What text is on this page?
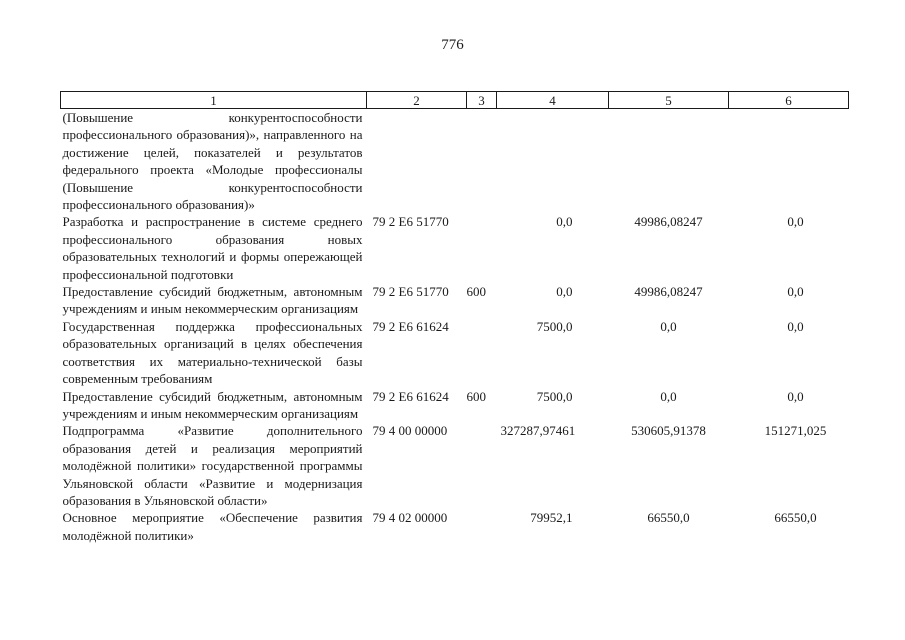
776
1	2	3	4	5	6
(Повышение конкурентоспособности профессионального образования)», направленного на достижение целей, показателей и результатов федерального проекта «Молодые профессионалы (Повышение конкурентоспособности профессионального образования)»					
Разработка и распространение в системе среднего профессионального образования новых образовательных технологий и формы опережающей профессиональной подготовки	79 2 Е6 51770		0,0	49986,08247	0,0
Предоставление субсидий бюджетным, автономным учреждениям и иным некоммерческим организациям	79 2 Е6 51770	600	0,0	49986,08247	0,0
Государственная поддержка профессиональных образовательных организаций в целях обеспечения соответствия их материально-технической базы современным требованиям	79 2 Е6 61624		7500,0	0,0	0,0
Предоставление субсидий бюджетным, автономным учреждениям и иным некоммерческим организациям	79 2 Е6 61624	600	7500,0	0,0	0,0
Подпрограмма «Развитие дополнительного образования детей и реализация мероприятий молодёжной политики» государственной программы Ульяновской области «Развитие и модернизация образования в Ульяновской области»	79 4 00 00000		327287,97461	530605,91378	151271,025
Основное мероприятие «Обеспечение развития молодёжной политики»	79 4 02 00000		79952,1	66550,0	66550,0
